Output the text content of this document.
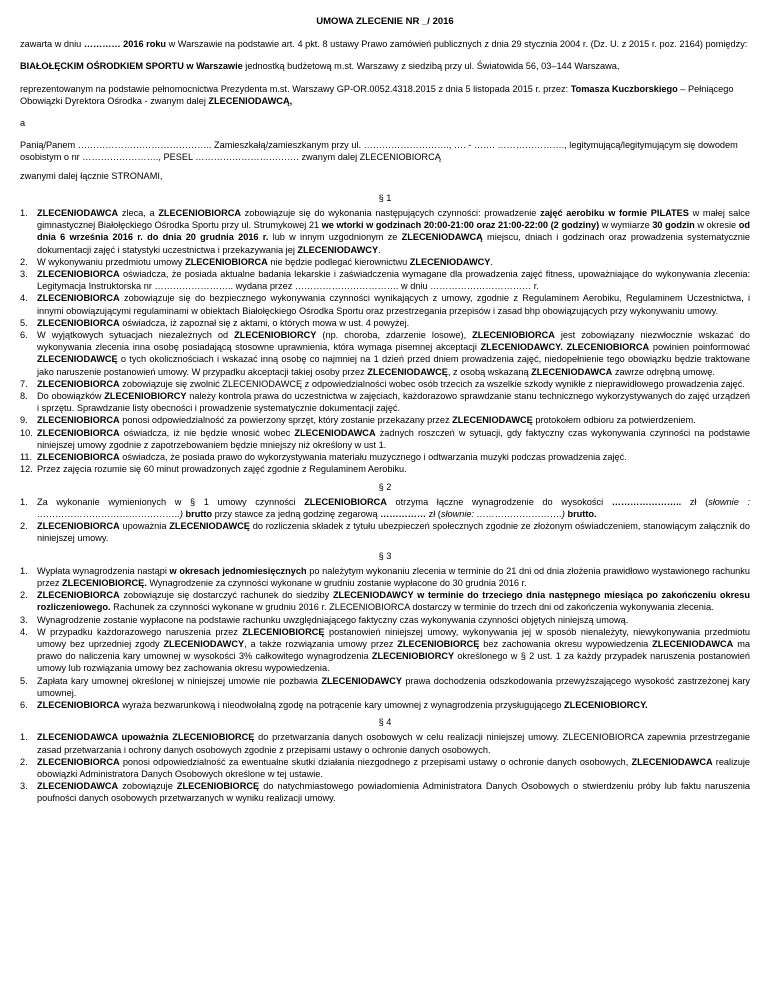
UMOWA ZLECENIE NR _/ 2016

zawarta w dniu ………… 2016 roku w Warszawie na podstawie art. 4 pkt. 8 ustawy Prawo zamówień publicznych z dnia 29 stycznia 2004 r. (Dz. U. z 2015 r. poz. 2164) pomiędzy:

BIAŁOŁĘCKIM OŚRODKIEM SPORTU w Warszawie jednostką budżetową m.st. Warszawy z siedzibą przy ul. Światowida 56, 03–144 Warszawa,

reprezentowanym na podstawie pełnomocnictwa Prezydenta m.st. Warszawy GP-OR.0052.4318.2015 z dnia 5 listopada 2015 r. przez: Tomasza Kuczborskiego – Pełniącego Obowiązki Dyrektora Ośrodka - zwanym dalej ZLECENIODAWCĄ,

a

Panią/Panem …………………………………….. Zamieszkałą/zamieszkanym przy ul. ………………………., …. - ……. …………………., legitymującą/legitymującym się dowodem osobistym o nr ……………………., PESEL ……………………………. zwanym dalej ZLECENIOBIORCĄ

zwanymi dalej łącznie STRONAMI,

§ 1
1. ZLECENIODAWCA zleca, a ZLECENIOBIORCA zobowiązuje się do wykonania następujących czynności: prowadzenie zajęć aerobiku w formie PILATES w małej salce gimnastycznej Białołęckiego Ośrodka Sportu przy ul. Strumykowej 21 we wtorki w godzinach 20:00-21:00 oraz 21:00-22:00 (2 godziny) w wymiarze 30 godzin w okresie od dnia 6 września 2016 r. do dnia 20 grudnia 2016 r. lub w innym uzgodnionym ze ZLECENIODAWCĄ miejscu, dniach i godzinach oraz prowadzenia systematycznie dokumentacji zajęć i statystyki uczestnictwa i przekazywania jej ZLECENIODAWCY.
2. W wykonywaniu przedmiotu umowy ZLECENIOBIORCA nie będzie podlegać kierownictwu ZLECENIODAWCY.
3. ZLECENIOBIORCA oświadcza, że posiada aktualne badania lekarskie i zaświadczenia wymagane dla prowadzenia zajęć fitness, upoważniające do wykonywania zlecenia: Legitymacja Instruktorska nr …………………….. wydana przez ……………………………. w dniu …………………………… r.
4. ZLECENIOBIORCA zobowiązuje się do bezpiecznego wykonywania czynności wynikających z umowy, zgodnie z Regulaminem Aerobiku, Regulaminem Uczestnictwa, i innymi obowiązującymi regulaminami w obiektach Białołęckiego Ośrodka Sportu oraz przestrzegania przepisów i zasad bhp obowiązujących przy wykonywaniu umowy.
5. ZLECENIOBIORCA oświadcza, iż zapoznał się z aktami, o których mowa w ust. 4 powyżej.
6. W wyjątkowych sytuacjach niezależnych od ZLECENIOBIORCY (np. choroba, zdarzenie losowe), ZLECENIOBIORCA jest zobowiązany niezwłocznie wskazać do wykonywania zlecenia inna osobę posiadającą stosowne uprawnienia, która wymaga pisemnej akceptacji ZLECENIODAWCY. ZLECENIOBIORCA powinien poinformować ZLECENIODAWCĘ o tych okolicznościach i wskazać inną osobę co najmniej na 1 dzień przed dniem prowadzenia zajęć, niedopełnienie tego obowiązku będzie traktowane jako naruszenie postanowień umowy. W przypadku akceptacji takiej osoby przez ZLECENIODAWCĘ, z osobą wskazaną ZLECENIODAWCA zawrze odrębną umowę.
7. ZLECENIOBIORCA zobowiązuje się zwolnić ZLECENIODAWCĘ z odpowiedzialności wobec osób trzecich za wszelkie szkody wynikłe z nieprawidłowego prowadzenia zajęć.
8. Do obowiązków ZLECENIOBIORCY należy kontrola prawa do uczestnictwa w zajęciach, każdorazowo sprawdzanie stanu technicznego wykorzystywanych do zajęć urządzeń i sprzętu. Sprawdzanie listy obecności i prowadzenie systematycznie dokumentacji zajęć.
9. ZLECENIOBIORCA ponosi odpowiedzialność za powierzony sprzęt, który zostanie przekazany przez ZLECENIODAWCĘ protokołem odbioru za potwierdzeniem.
10. ZLECENIOBIORCA oświadcza, iż nie będzie wnosić wobec ZLECENIODAWCA żadnych roszczeń w sytuacji, gdy faktyczny czas wykonywania czynności na podstawie niniejszej umowy zgodnie z zapotrzebowaniem będzie mniejszy niż określony w ust 1.
11. ZLECENIOBIORCA oświadcza, że posiada prawo do wykorzystywania materiału muzycznego i odtwarzania muzyki podczas prowadzenia zajęć.
12. Przez zajęcia rozumie się 60 minut prowadzonych zajęć zgodnie z Regulaminem Aerobiku.
§ 2
1. Za wykonanie wymienionych w § 1 umowy czynności ZLECENIOBIORCA otrzyma łączne wynagrodzenie do wysokości ………………….. zł (słownie : ………………………………………..) brutto przy stawce za jedną godzinę zegarową …………… zł (słownie: ……………………….) brutto.
2. ZLECENIOBIORCA upoważnia ZLECENIODAWCĘ do rozliczenia składek z tytułu ubezpieczeń społecznych zgodnie ze złożonym oświadczeniem, stanowiącym załącznik do niniejszej umowy.
§ 3
1. Wypłata wynagrodzenia nastąpi w okresach jednomiesięcznych po należytym wykonaniu zlecenia w terminie do 21 dni od dnia złożenia prawidłowo wystawionego rachunku przez ZLECENIOBIORCĘ. Wynagrodzenie za czynności wykonane w grudniu zostanie wypłacone do 30 grudnia 2016 r.
2. ZLECENIOBIORCA zobowiązuje się dostarczyć rachunek do siedziby ZLECENIODAWCY w terminie do trzeciego dnia następnego miesiąca po zakończeniu okresu rozliczeniowego. Rachunek za czynności wykonane w grudniu 2016 r. ZLECENIOBIORCA dostarczy w terminie do trzech dni od zakończenia wykonywania zlecenia.
3. Wynagrodzenie zostanie wypłacone na podstawie rachunku uwzględniającego faktyczny czas wykonywania czynności objętych niniejszą umową.
4. W przypadku każdorazowego naruszenia przez ZLECENIOBIORCĘ postanowień niniejszej umowy, wykonywania jej w sposób nienależyty, niewykonywania przedmiotu umowy bez uprzedniej zgody ZLECENIODAWCY, a także rozwiązania umowy przez ZLECENIOBIORCĘ bez zachowania okresu wypowiedzenia ZLECENIODAWCA ma prawo do naliczenia kary umownej w wysokości 3% całkowitego wynagrodzenia ZLECENIOBIORCY określonego w § 2 ust. 1 za każdy przypadek naruszenia postanowień umowy lub rozwiązania umowy bez zachowania okresu wypowiedzenia.
5. Zapłata kary umownej określonej w niniejszej umowie nie pozbawia ZLECENIODAWCY prawa dochodzenia odszkodowania przewyższającego wysokość zastrzeżonej kary umownej.
6. ZLECENIOBIORCA wyraża bezwarunkową i nieodwołalną zgodę na potrącenie kary umownej z wynagrodzenia przysługującego ZLECENIOBIORCY.
§ 4
1. ZLECENIODAWCA upoważnia ZLECENIOBIORCĘ do przetwarzania danych osobowych w celu realizacji niniejszej umowy. ZLECENIOBIORCA zapewnia przestrzeganie zasad przetwarzania i ochrony danych osobowych zgodnie z przepisami ustawy o ochronie danych osobowych.
2. ZLECENIOBIORCA ponosi odpowiedzialność za ewentualne skutki działania niezgodnego z przepisami ustawy o ochronie danych osobowych, ZLECENIODAWCA realizuje obowiązki Administratora Danych Osobowych określone w tej ustawie.
3. ZLECENIODAWCA zobowiązuje ZLECENIOBIORCĘ do natychmiastowego powiadomienia Administratora Danych Osobowych o stwierdzeniu próby lub faktu naruszenia poufności danych osobowych przetwarzanych w wyniku realizacji umowy.
